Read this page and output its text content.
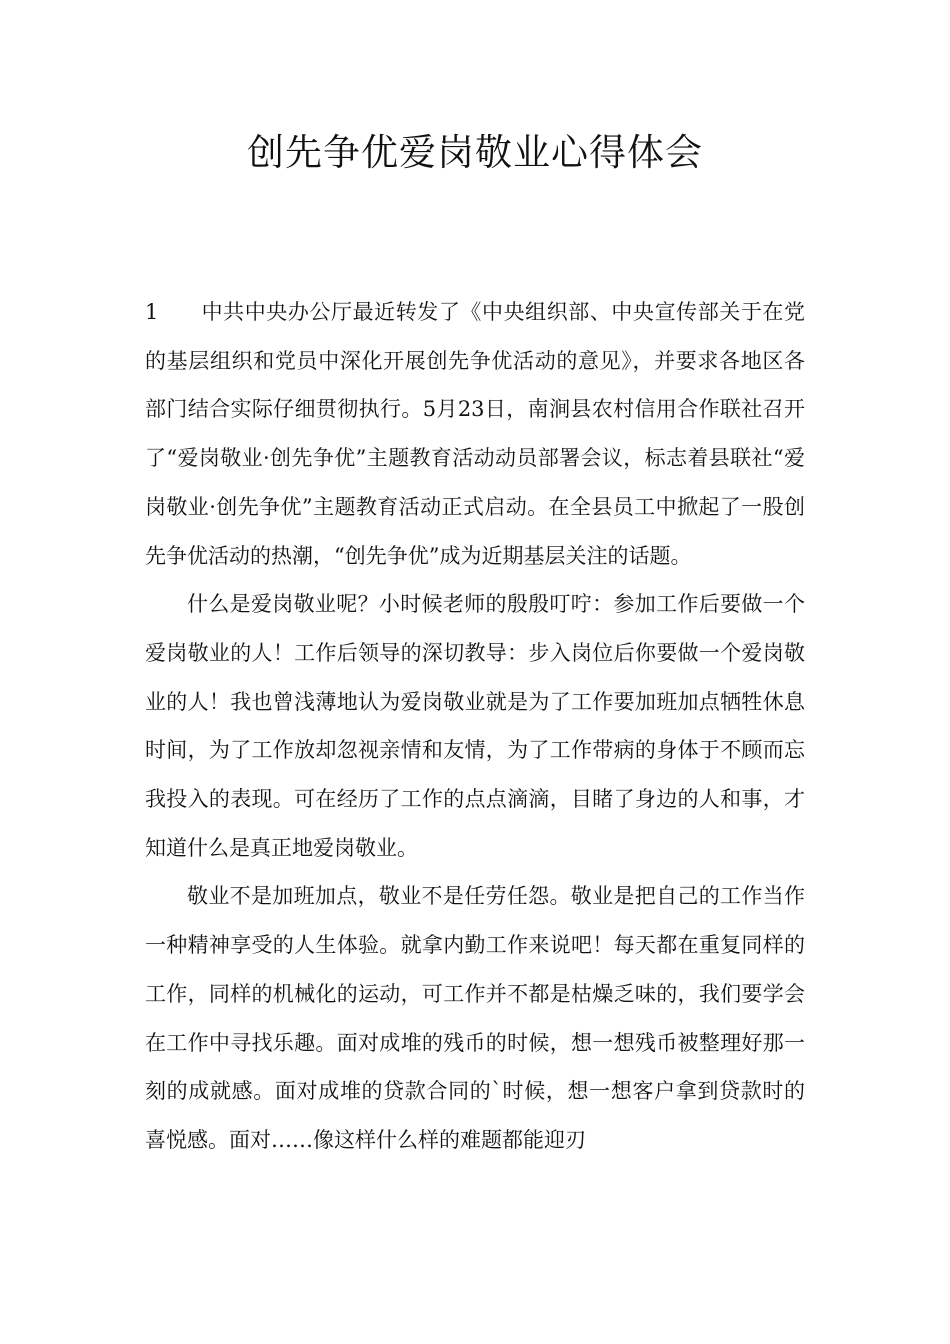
创先争优爱岗敬业心得体会

1 中共中央办公厅最近转发了《中央组织部、中央宣传部关于在党的基层组织和党员中深化开展创先争优活动的意见》，并要求各地区各部门结合实际仔细贯彻执行。5月23日，南涧县农村信用合作联社召开了“爱岗敬业·创先争优”主题教育活动动员部署会议，标志着县联社“爱岗敬业·创先争优”主题教育活动正式启动。在全县员工中掀起了一股创先争优活动的热潮，“创先争优”成为近期基层关注的话题。

什么是爱岗敬业呢？小时候老师的殷殷叮咛：参加工作后要做一个爱岗敬业的人！工作后领导的深切教导：步入岗位后你要做一个爱岗敬业的人！我也曾浅薄地认为爱岗敬业就是为了工作要加班加点牺牲休息时间，为了工作放却忽视亲情和友情，为了工作带病的身体于不顾而忘我投入的表现。可在经历了工作的点点滴滴，目睹了身边的人和事，才知道什么是真正地爱岗敬业。

敬业不是加班加点，敬业不是任劳任怨。敬业是把自己的工作当作一种精神享受的人生体验。就拿内勤工作来说吧！每天都在重复同样的工作，同样的机械化的运动，可工作并不都是枯燥乏味的，我们要学会在工作中寻找乐趣。面对成堆的残币的时候，想一想残币被整理好那一刻的成就感。面对成堆的贷款合同的`时候，想一想客户拿到贷款时的喜悦感。面对……像这样什么样的难题都能迎刃
